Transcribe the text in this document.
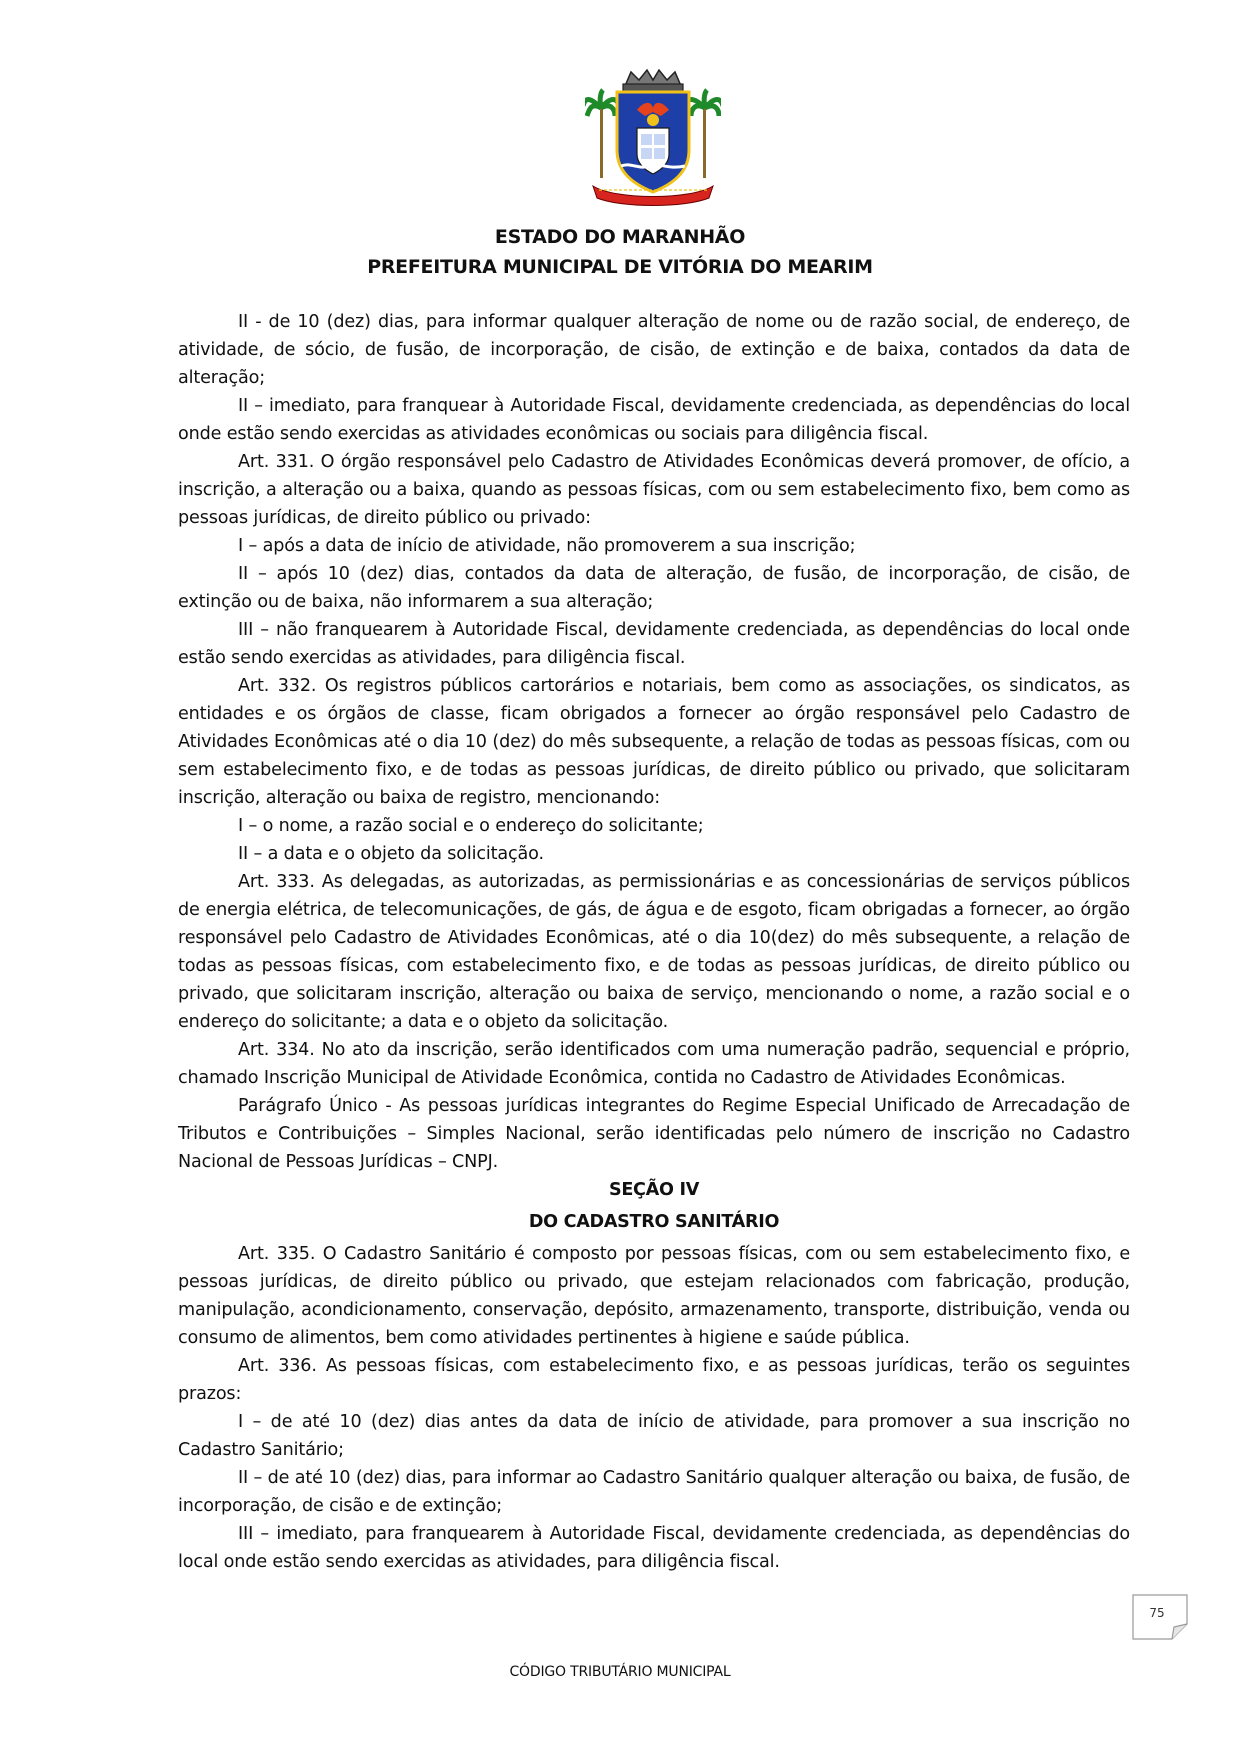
ESTADO DO MARANHÃO
PREFEITURA MUNICIPAL DE VITÓRIA DO MEARIM

II - de 10 (dez) dias, para informar qualquer alteração de nome ou de razão social, de endereço, de atividade, de sócio, de fusão, de incorporação, de cisão, de extinção e de baixa, contados da data de alteração;

II – imediato, para franquear à Autoridade Fiscal, devidamente credenciada, as dependências do local onde estão sendo exercidas as atividades econômicas ou sociais para diligência fiscal.

Art. 331. O órgão responsável pelo Cadastro de Atividades Econômicas deverá promover, de ofício, a inscrição, a alteração ou a baixa, quando as pessoas físicas, com ou sem estabelecimento fixo, bem como as pessoas jurídicas, de direito público ou privado:

I – após a data de início de atividade, não promoverem a sua inscrição;

II – após 10 (dez) dias, contados da data de alteração, de fusão, de incorporação, de cisão, de extinção ou de baixa, não informarem a sua alteração;

III – não franquearem à Autoridade Fiscal, devidamente credenciada, as dependências do local onde estão sendo exercidas as atividades, para diligência fiscal.

Art. 332. Os registros públicos cartorários e notariais, bem como as associações, os sindicatos, as entidades e os órgãos de classe, ficam obrigados a fornecer ao órgão responsável pelo Cadastro de Atividades Econômicas até o dia 10 (dez) do mês subsequente, a relação de todas as pessoas físicas, com ou sem estabelecimento fixo, e de todas as pessoas jurídicas, de direito público ou privado, que solicitaram inscrição, alteração ou baixa de registro, mencionando:

I – o nome, a razão social e o endereço do solicitante;

II – a data e o objeto da solicitação.

Art. 333. As delegadas, as autorizadas, as permissionárias e as concessionárias de serviços públicos de energia elétrica, de telecomunicações, de gás, de água e de esgoto, ficam obrigadas a fornecer, ao órgão responsável pelo Cadastro de Atividades Econômicas, até o dia 10(dez) do mês subsequente, a relação de todas as pessoas físicas, com estabelecimento fixo, e de todas as pessoas jurídicas, de direito público ou privado, que solicitaram inscrição, alteração ou baixa de serviço, mencionando o nome, a razão social e o endereço do solicitante; a data e o objeto da solicitação.

Art. 334. No ato da inscrição, serão identificados com uma numeração padrão, sequencial e próprio, chamado Inscrição Municipal de Atividade Econômica, contida no Cadastro de Atividades Econômicas.

Parágrafo Único - As pessoas jurídicas integrantes do Regime Especial Unificado de Arrecadação de Tributos e Contribuições – Simples Nacional, serão identificadas pelo número de inscrição no Cadastro Nacional de Pessoas Jurídicas – CNPJ.

SEÇÃO IV

DO CADASTRO SANITÁRIO

Art. 335. O Cadastro Sanitário é composto por pessoas físicas, com ou sem estabelecimento fixo, e pessoas jurídicas, de direito público ou privado, que estejam relacionados com fabricação, produção, manipulação, acondicionamento, conservação, depósito, armazenamento, transporte, distribuição, venda ou consumo de alimentos, bem como atividades pertinentes à higiene e saúde pública.

Art. 336. As pessoas físicas, com estabelecimento fixo, e as pessoas jurídicas, terão os seguintes prazos:

I – de até 10 (dez) dias antes da data de início de atividade, para promover a sua inscrição no Cadastro Sanitário;

II – de até 10 (dez) dias, para informar ao Cadastro Sanitário qualquer alteração ou baixa, de fusão, de incorporação, de cisão e de extinção;

III – imediato, para franquearem à Autoridade Fiscal, devidamente credenciada, as dependências do local onde estão sendo exercidas as atividades, para diligência fiscal.

75
CÓDIGO TRIBUTÁRIO MUNICIPAL
